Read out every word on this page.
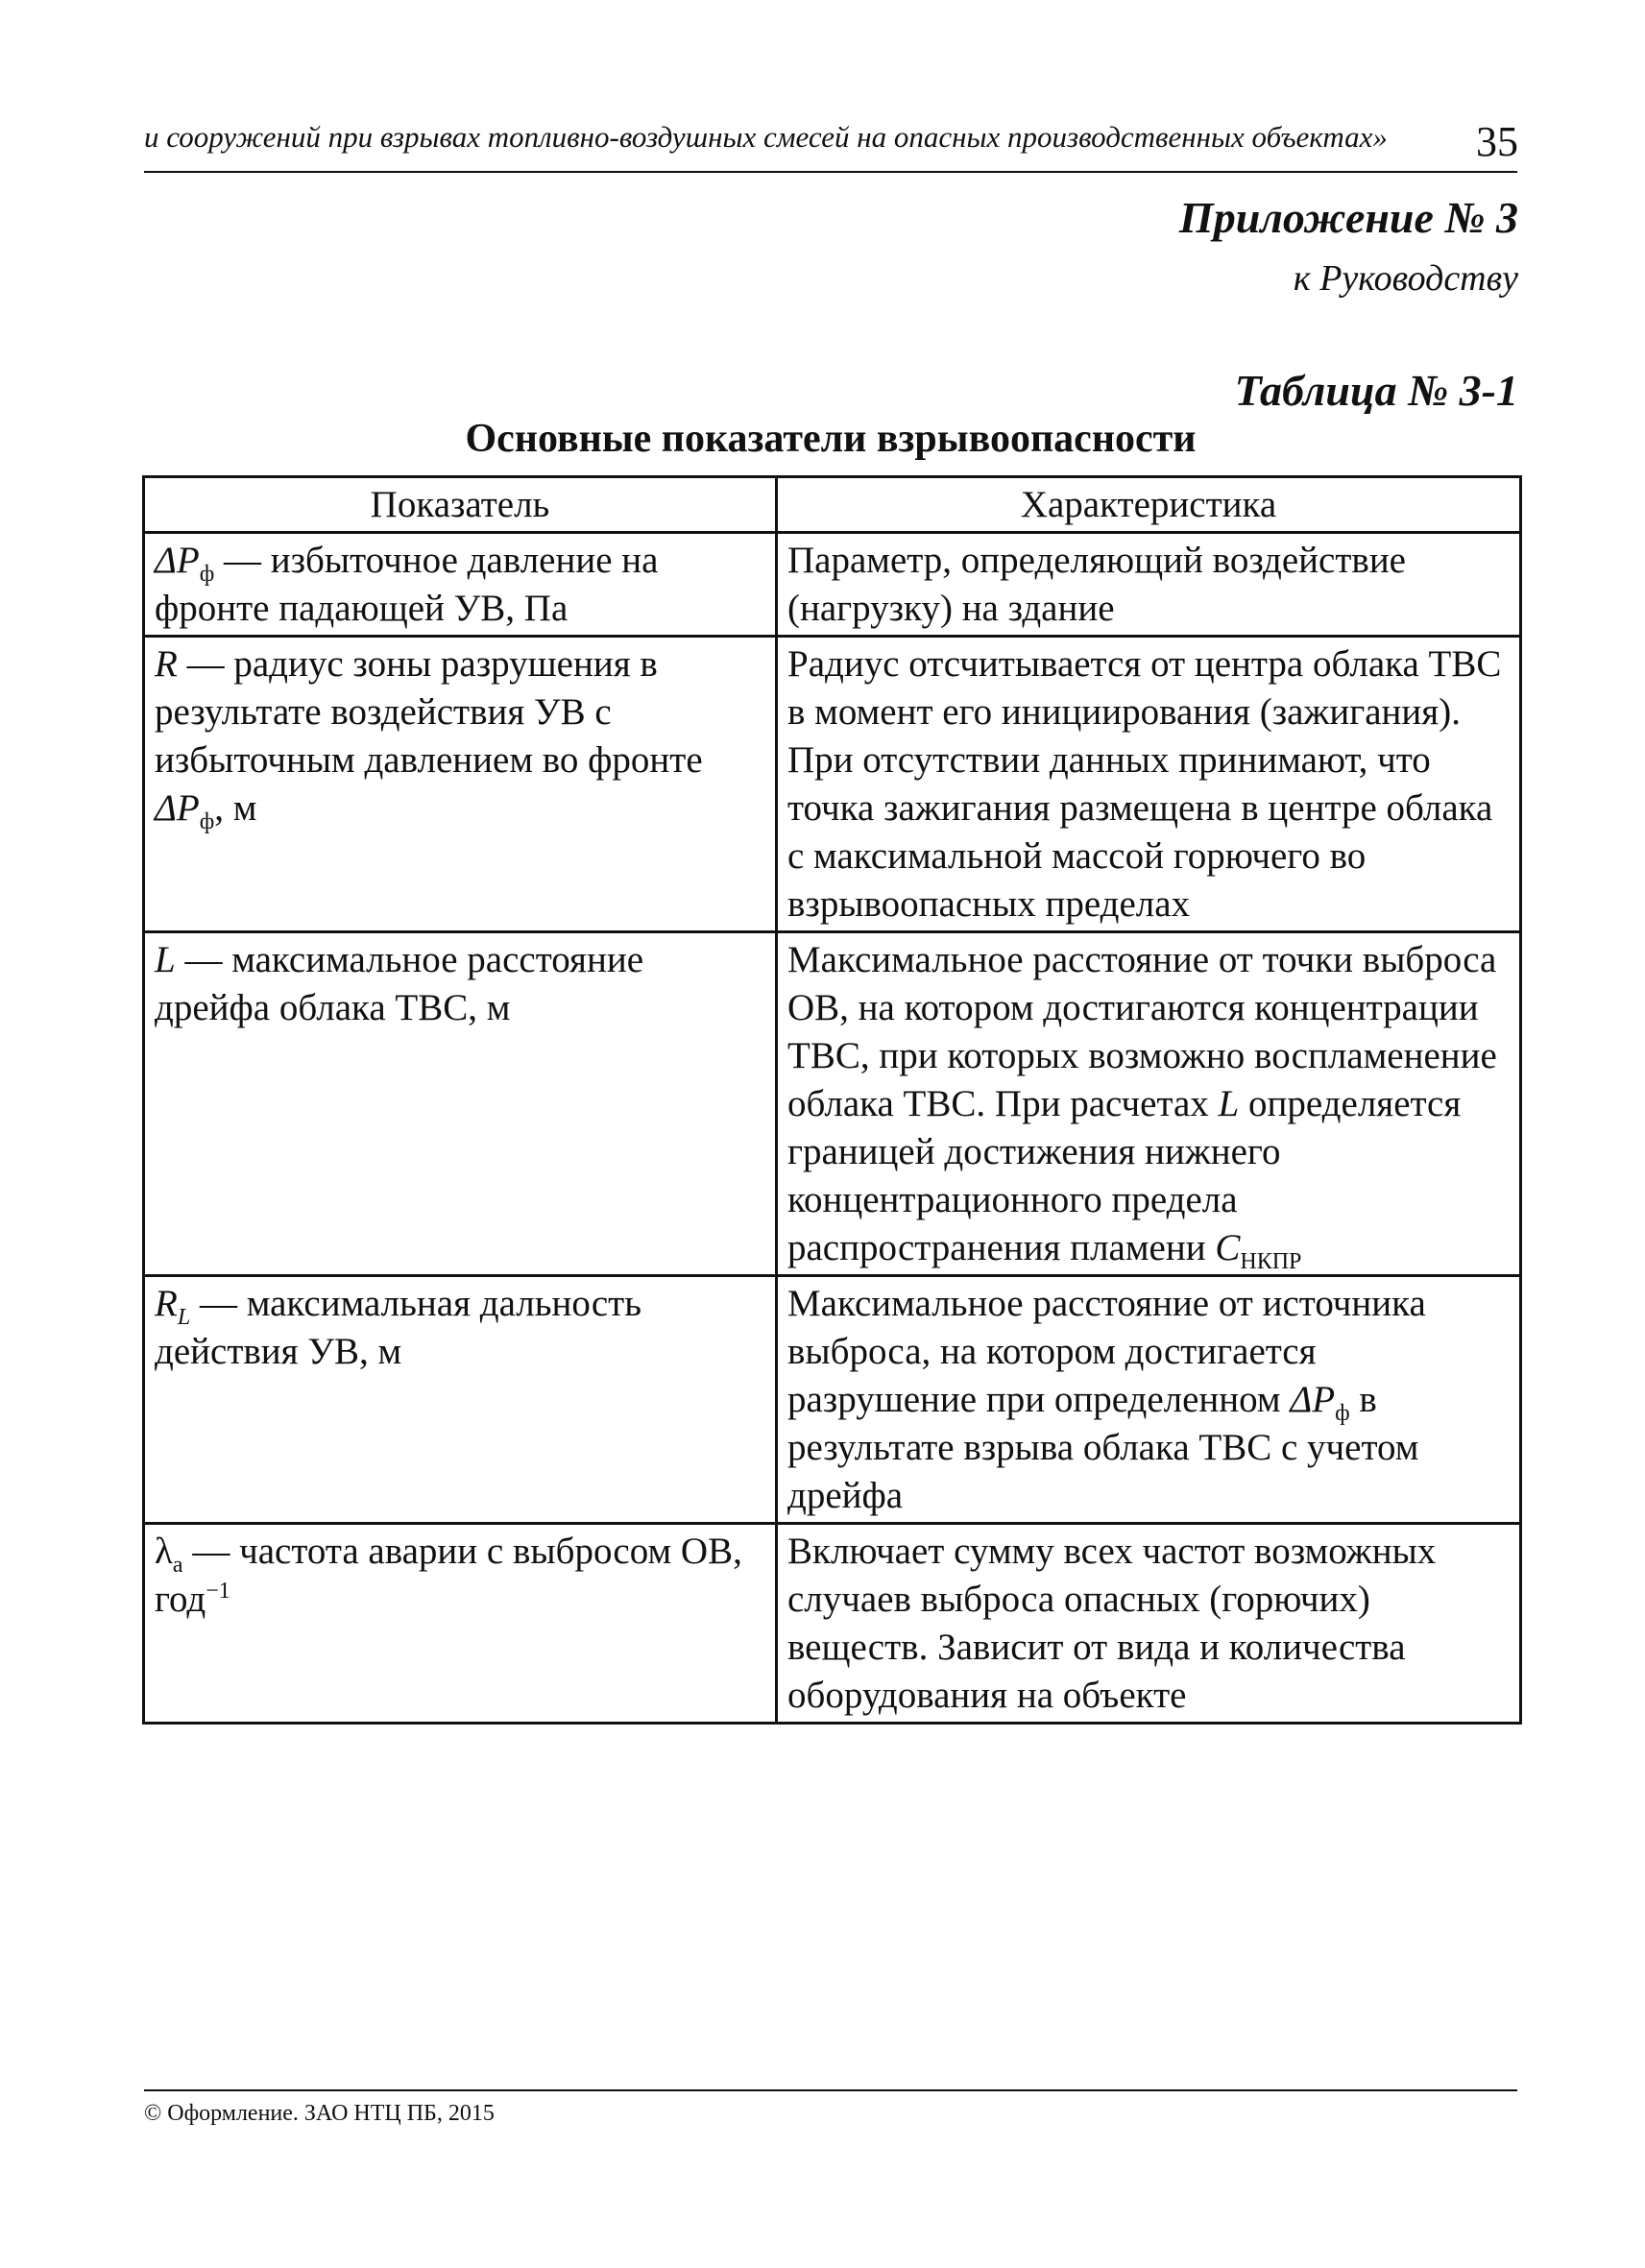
и сооружений при взрывах топливно-воздушных смесей на опасных производственных объектах» 35
Приложение № 3
к Руководству
Таблица № 3-1
Основные показатели взрывоопасности
Показатель	Характеристика
$\Delta P_ф$ — избыточное давление на фронте падающей УВ, Па	Параметр, определяющий воздействие (нагрузку) на здание
R — радиус зоны разрушения в результате воздействия УВ с избыточным давлением во фронте $\Delta P_ф$, м	Радиус отсчитывается от центра облака ТВС в момент его инициирования (зажигания). При отсутствии данных принимают, что точка зажигания размещена в центре облака с максимальной массой горючего во взрывоопасных пределах
L — максимальное расстояние дрейфа облака ТВС, м	Максимальное расстояние от точки выброса ОВ, на котором достигаются концентрации ТВС, при которых возможно воспламенение облака ТВС. При расчетах L определяется границей достижения нижнего концентрационного предела распространения пламени $C_{НКПР}$
$R_L$ — максимальная дальность действия УВ, м	Максимальное расстояние от источника выброса, на котором достигается разрушение при определенном $\Delta P_ф$ в результате взрыва облака ТВС с учетом дрейфа
$\lambda_а$ — частота аварии с выбросом ОВ, год$^{-1}$	Включает сумму всех частот возможных случаев выброса опасных (горючих) веществ. Зависит от вида и количества оборудования на объекте
© Оформление. ЗАО НТЦ ПБ, 2015
